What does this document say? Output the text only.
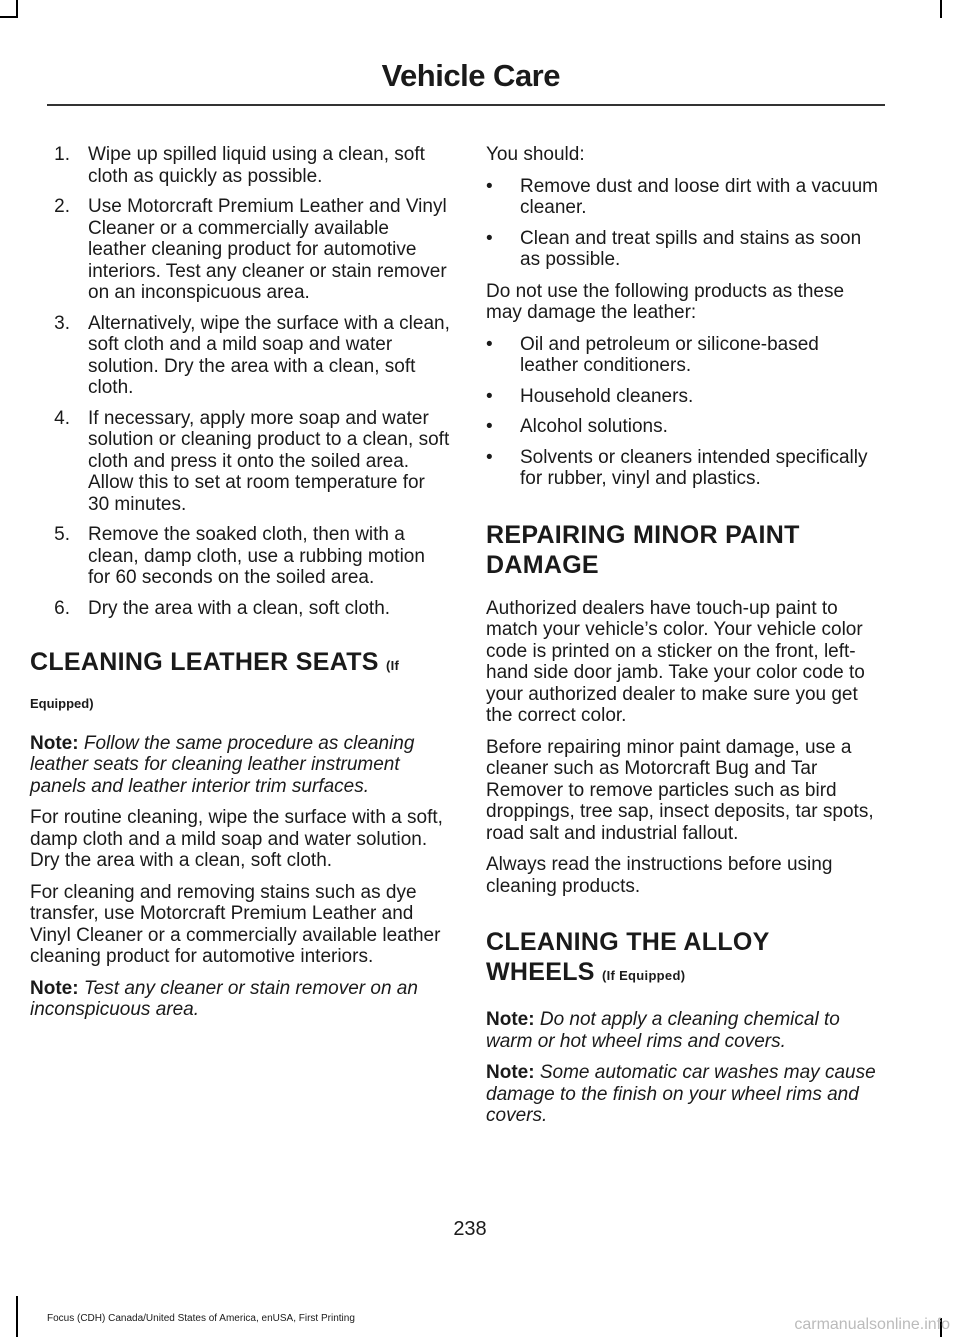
Vehicle Care
1. Wipe up spilled liquid using a clean, soft cloth as quickly as possible.
2. Use Motorcraft Premium Leather and Vinyl Cleaner or a commercially available leather cleaning product for automotive interiors. Test any cleaner or stain remover on an inconspicuous area.
3. Alternatively, wipe the surface with a clean, soft cloth and a mild soap and water solution. Dry the area with a clean, soft cloth.
4. If necessary, apply more soap and water solution or cleaning product to a clean, soft cloth and press it onto the soiled area. Allow this to set at room temperature for 30 minutes.
5. Remove the soaked cloth, then with a clean, damp cloth, use a rubbing motion for 60 seconds on the soiled area.
6. Dry the area with a clean, soft cloth.
CLEANING LEATHER SEATS (If
Equipped)

Note: Follow the same procedure as cleaning leather seats for cleaning leather instrument panels and leather interior trim surfaces.

For routine cleaning, wipe the surface with a soft, damp cloth and a mild soap and water solution. Dry the area with a clean, soft cloth.

For cleaning and removing stains such as dye transfer, use Motorcraft Premium Leather and Vinyl Cleaner or a commercially available leather cleaning product for automotive interiors.

Note: Test any cleaner or stain remover on an inconspicuous area.

You should:

• Remove dust and loose dirt with a vacuum cleaner.
• Clean and treat spills and stains as soon as possible.

Do not use the following products as these may damage the leather:

• Oil and petroleum or silicone-based leather conditioners.
• Household cleaners.
• Alcohol solutions.
• Solvents or cleaners intended specifically for rubber, vinyl and plastics.
REPAIRING MINOR PAINT
DAMAGE

Authorized dealers have touch-up paint to match your vehicle’s color. Your vehicle color code is printed on a sticker on the front, left-hand side door jamb. Take your color code to your authorized dealer to make sure you get the correct color.

Before repairing minor paint damage, use a cleaner such as Motorcraft Bug and Tar Remover to remove particles such as bird droppings, tree sap, insect deposits, tar spots, road salt and industrial fallout.

Always read the instructions before using cleaning products.

CLEANING THE ALLOY
WHEELS (If Equipped)

Note: Do not apply a cleaning chemical to warm or hot wheel rims and covers.

Note: Some automatic car washes may cause damage to the finish on your wheel rims and covers.

238
Focus (CDH) Canada/United States of America, enUSA, First Printing	carmanualsonline.info
